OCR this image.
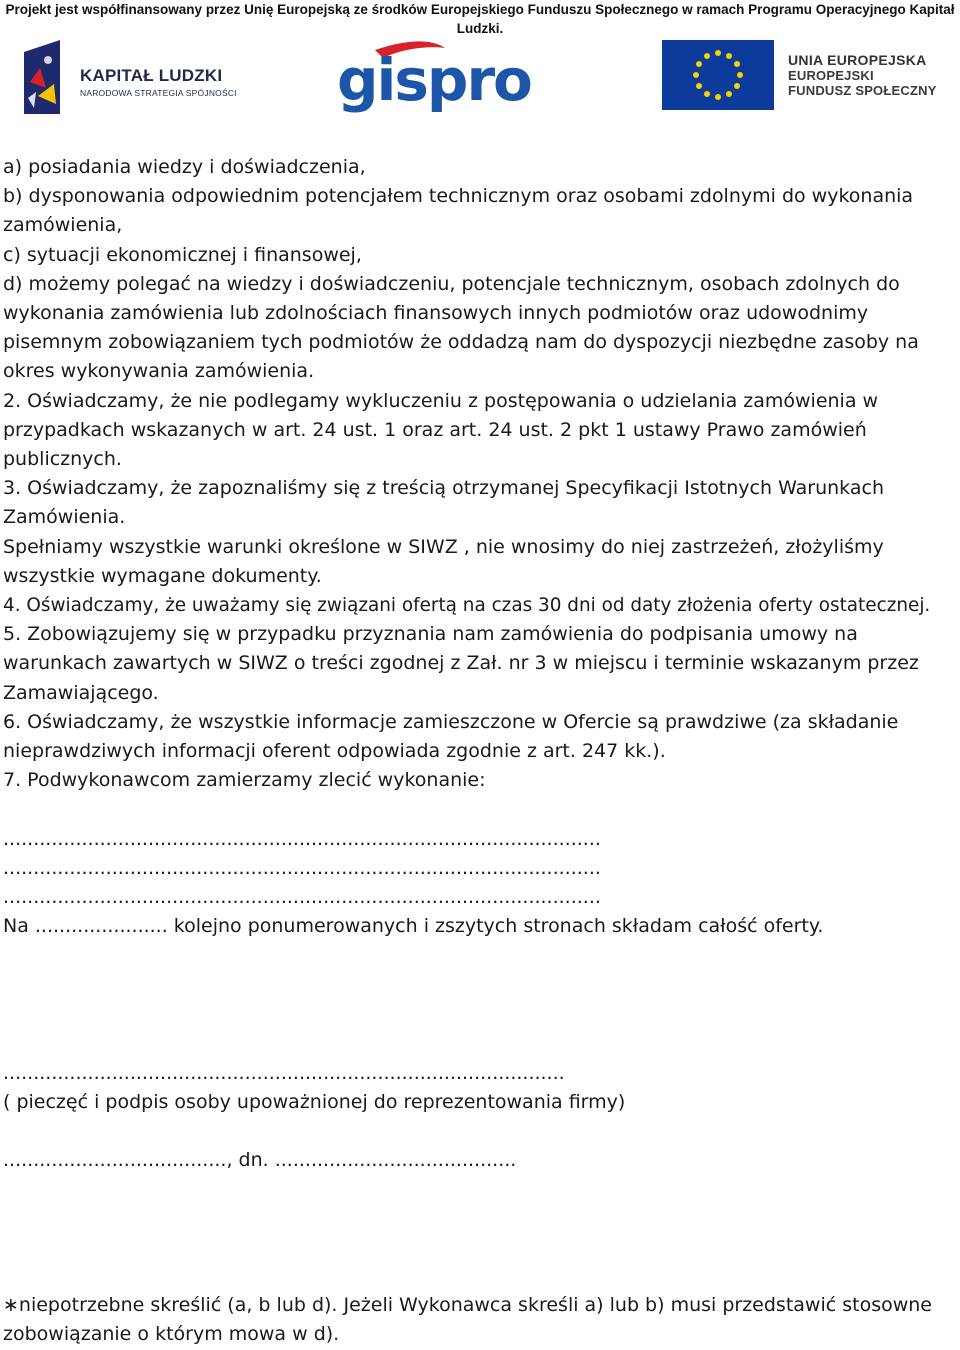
Projekt jest współfinansowany przez Unię Europejską ze środków Europejskiego Funduszu Społecznego w ramach Programu Operacyjnego Kapitał Ludzki.
KAPITAŁ LUDZKI
NARODOWA STRATEGIA SPÓJNOŚCI gispro	UNIA EUROPEJSKA
EUROPEJSKI
FUNDUSZ SPOŁECZNY

a) posiadania wiedzy i doświadczenia,

b) dysponowania odpowiednim potencjałem technicznym oraz osobami zdolnymi do wykonania zamówienia,

c) sytuacji ekonomicznej i finansowej,

d) możemy polegać na wiedzy i doświadczeniu, potencjale technicznym, osobach zdolnych do wykonania zamówienia lub zdolnościach finansowych innych podmiotów oraz udowodnimy pisemnym zobowiązaniem tych podmiotów że oddadzą nam do dyspozycji niezbędne zasoby na okres wykonywania zamówienia.

2. Oświadczamy, że nie podlegamy wykluczeniu z postępowania o udzielania zamówienia w przypadkach wskazanych w art. 24 ust. 1 oraz art. 24 ust. 2 pkt 1 ustawy Prawo zamówień publicznych.

3. Oświadczamy, że zapoznaliśmy się z treścią otrzymanej Specyfikacji Istotnych Warunkach Zamówienia.

Spełniamy wszystkie warunki określone w SIWZ , nie wnosimy do niej zastrzeżeń, złożyliśmy wszystkie wymagane dokumenty.

4. Oświadczamy, że uważamy się związani ofertą na czas 30 dni od daty złożenia oferty ostatecznej.

5. Zobowiązujemy się w przypadku przyznania nam zamówienia do podpisania umowy na warunkach zawartych w SIWZ o treści zgodnej z Zał. nr 3 w miejscu i terminie wskazanym przez Zamawiającego.

6. Oświadczamy, że wszystkie informacje zamieszczone w Ofercie są prawdziwe (za składanie nieprawdziwych informacji oferent odpowiada zgodnie z art. 247 kk.).

7. Podwykonawcom zamierzamy zlecić wykonanie:

...................................................................................................
...................................................................................................
...................................................................................................
Na ...................... kolejno ponumerowanych i zszytych stronach składam całość oferty.
.............................................................................................
( pieczęć i podpis osoby upoważnionej do reprezentowania firmy)
....................................., dn. ........................................
∗niepotrzebne skreślić (a, b lub d). Jeżeli Wykonawca skreśli a) lub b) musi przedstawić stosowne zobowiązanie o którym mowa w d).
